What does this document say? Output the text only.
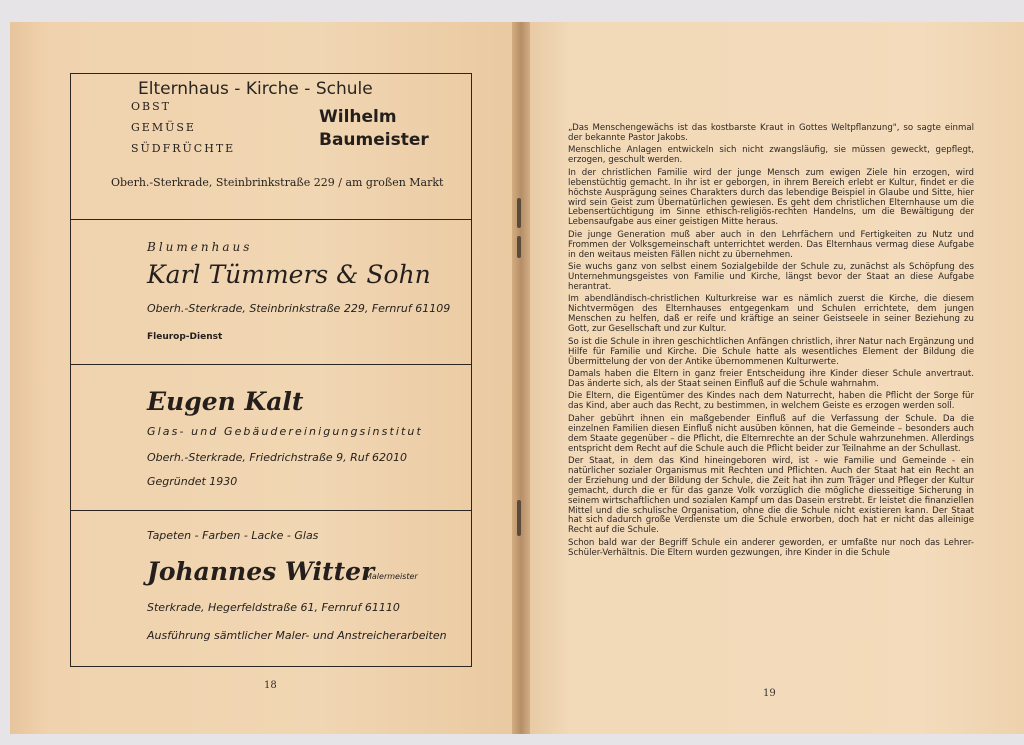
OBST
GEMÜSE
SÜDFRÜCHTE
Wilhelm
Baumeister
Oberh.-Sterkrade, Steinbrinkstraße 229 / am großen Markt
Blumenhaus
Karl Tümmers & Sohn
Oberh.-Sterkrade, Steinbrinkstraße 229, Fernruf 61109
Fleurop-Dienst
Eugen Kalt
Glas- und Gebäudereinigungsinstitut
Oberh.-Sterkrade, Friedrichstraße 9, Ruf 62010
Gegründet 1930
Tapeten - Farben - Lacke - Glas
Johannes Witter
Malermeister
Sterkrade, Hegerfeldstraße 61, Fernruf 61110
Ausführung sämtlicher Maler- und Anstreicherarbeiten
18
Elternhaus - Kirche - Schule

„Das Menschengewächs ist das kostbarste Kraut in Gottes Weltpflanzung", so sagte einmal der bekannte Pastor Jakobs.

Menschliche Anlagen entwickeln sich nicht zwangsläufig, sie müssen geweckt, gepflegt, erzogen, geschult werden.

In der christlichen Familie wird der junge Mensch zum ewigen Ziele hin erzogen, wird lebenstüchtig gemacht. In ihr ist er geborgen, in ihrem Bereich erlebt er Kultur, findet er die höchste Ausprägung seines Charakters durch das lebendige Beispiel in Glaube und Sitte, hier wird sein Geist zum Übernatürlichen gewiesen. Es geht dem christlichen Elternhause um die Lebensertüchtigung im Sinne ethisch-religiös-rechten Handelns, um die Bewältigung der Lebensaufgabe aus einer geistigen Mitte heraus.

Die junge Generation muß aber auch in den Lehrfächern und Fertigkeiten zu Nutz und Frommen der Volksgemeinschaft unterrichtet werden. Das Elternhaus vermag diese Aufgabe in den weitaus meisten Fällen nicht zu übernehmen.

Sie wuchs ganz von selbst einem Sozialgebilde der Schule zu, zunächst als Schöpfung des Unternehmungsgeistes von Familie und Kirche, längst bevor der Staat an diese Aufgabe herantrat.

Im abendländisch-christlichen Kulturkreise war es nämlich zuerst die Kirche, die diesem Nichtvermögen des Elternhauses entgegenkam und Schulen errichtete, dem jungen Menschen zu helfen, daß er reife und kräftige an seiner Geistseele in seiner Beziehung zu Gott, zur Gesellschaft und zur Kultur.

So ist die Schule in ihren geschichtlichen Anfängen christlich, ihrer Natur nach Ergänzung und Hilfe für Familie und Kirche. Die Schule hatte als wesentliches Element der Bildung die Übermittelung der von der Antike übernommenen Kulturwerte.

Damals haben die Eltern in ganz freier Entscheidung ihre Kinder dieser Schule anvertraut. Das änderte sich, als der Staat seinen Einfluß auf die Schule wahrnahm.

Die Eltern, die Eigentümer des Kindes nach dem Naturrecht, haben die Pflicht der Sorge für das Kind, aber auch das Recht, zu bestimmen, in welchem Geiste es erzogen werden soll.

Daher gebührt ihnen ein maßgebender Einfluß auf die Verfassung der Schule. Da die einzelnen Familien diesen Einfluß nicht ausüben können, hat die Gemeinde – besonders auch dem Staate gegenüber – die Pflicht, die Elternrechte an der Schule wahrzunehmen. Allerdings entspricht dem Recht auf die Schule auch die Pflicht beider zur Teilnahme an der Schullast.

Der Staat, in dem das Kind hineingeboren wird, ist - wie Familie und Gemeinde - ein natürlicher sozialer Organismus mit Rechten und Pflichten. Auch der Staat hat ein Recht an der Erziehung und der Bildung der Schule, die Zeit hat ihn zum Träger und Pfleger der Kultur gemacht, durch die er für das ganze Volk vorzüglich die mögliche diesseitige Sicherung in seinem wirtschaftlichen und sozialen Kampf um das Dasein erstrebt. Er leistet die finanziellen Mittel und die schulische Organisation, ohne die die Schule nicht existieren kann. Der Staat hat sich dadurch große Verdienste um die Schule erworben, doch hat er nicht das alleinige Recht auf die Schule.

Schon bald war der Begriff Schule ein anderer geworden, er umfaßte nur noch das Lehrer-Schüler-Verhältnis. Die Eltern wurden gezwungen, ihre Kinder in die Schule

19
